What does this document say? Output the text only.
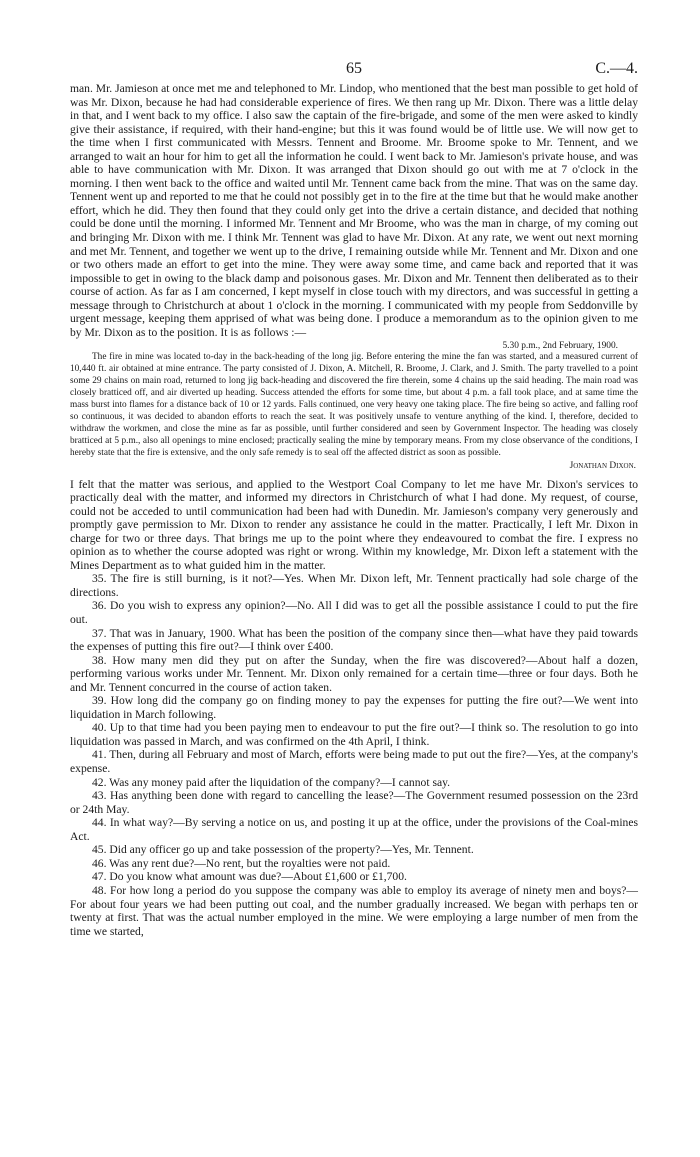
65	C.—4.

man. Mr. Jamieson at once met me and telephoned to Mr. Lindop, who mentioned that the best man possible to get hold of was Mr. Dixon, because he had had considerable experience of fires. We then rang up Mr. Dixon. There was a little delay in that, and I went back to my office. I also saw the captain of the fire-brigade, and some of the men were asked to kindly give their assistance, if required, with their hand-engine; but this it was found would be of little use. We will now get to the time when I first communicated with Messrs. Tennent and Broome. Mr. Broome spoke to Mr. Tennent, and we arranged to wait an hour for him to get all the information he could. I went back to Mr. Jamieson's private house, and was able to have communication with Mr. Dixon. It was arranged that Dixon should go out with me at 7 o'clock in the morning. I then went back to the office and waited until Mr. Tennent came back from the mine. That was on the same day. Tennent went up and reported to me that he could not possibly get in to the fire at the time but that he would make another effort, which he did. They then found that they could only get into the drive a certain distance, and decided that nothing could be done until the morning. I informed Mr. Tennent and Mr Broome, who was the man in charge, of my coming out and bringing Mr. Dixon with me. I think Mr. Tennent was glad to have Mr. Dixon. At any rate, we went out next morning and met Mr. Tennent, and together we went up to the drive, I remaining outside while Mr. Tennent and Mr. Dixon and one or two others made an effort to get into the mine. They were away some time, and came back and reported that it was impossible to get in owing to the black damp and poisonous gases. Mr. Dixon and Mr. Tennent then deliberated as to their course of action. As far as I am concerned, I kept myself in close touch with my directors, and was successful in getting a message through to Christchurch at about 1 o'clock in the morning. I communicated with my people from Seddonville by urgent message, keeping them apprised of what was being done. I produce a memorandum as to the opinion given to me by Mr. Dixon as to the position. It is as follows :—

5.30 p.m., 2nd February, 1900.
The fire in mine was located to-day in the back-heading of the long jig. Before entering the mine the fan was started, and a measured current of 10,440 ft. air obtained at mine entrance. The party consisted of J. Dixon, A. Mitchell, R. Broome, J. Clark, and J. Smith. The party travelled to a point some 29 chains on main road, returned to long jig back-heading and discovered the fire therein, some 4 chains up the said heading. The main road was closely bratticed off, and air diverted up heading. Success attended the efforts for some time, but about 4 p.m. a fall took place, and at same time the mass burst into flames for a distance back of 10 or 12 yards. Falls continued, one very heavy one taking place. The fire being so active, and falling roof so continuous, it was decided to abandon efforts to reach the seat. It was positively unsafe to venture anything of the kind. I, therefore, decided to withdraw the workmen, and close the mine as far as possible, until further considered and seen by Government Inspector. The heading was closely bratticed at 5 p.m., also all openings to mine enclosed; practically sealing the mine by temporary means. From my close observance of the conditions, I hereby state that the fire is extensive, and the only safe remedy is to seal off the affected district as soon as possible.
Jonathan Dixon.

I felt that the matter was serious, and applied to the Westport Coal Company to let me have Mr. Dixon's services to practically deal with the matter, and informed my directors in Christchurch of what I had done. My request, of course, could not be acceded to until communication had been had with Dunedin. Mr. Jamieson's company very generously and promptly gave permission to Mr. Dixon to render any assistance he could in the matter. Practically, I left Mr. Dixon in charge for two or three days. That brings me up to the point where they endeavoured to combat the fire. I express no opinion as to whether the course adopted was right or wrong. Within my knowledge, Mr. Dixon left a statement with the Mines Department as to what guided him in the matter.

35. The fire is still burning, is it not?—Yes. When Mr. Dixon left, Mr. Tennent practically had sole charge of the directions.

36. Do you wish to express any opinion?—No. All I did was to get all the possible assistance I could to put the fire out.

37. That was in January, 1900. What has been the position of the company since then—what have they paid towards the expenses of putting this fire out?—I think over £400.

38. How many men did they put on after the Sunday, when the fire was discovered?—About half a dozen, performing various works under Mr. Tennent. Mr. Dixon only remained for a certain time—three or four days. Both he and Mr. Tennent concurred in the course of action taken.

39. How long did the company go on finding money to pay the expenses for putting the fire out?—We went into liquidation in March following.

40. Up to that time had you been paying men to endeavour to put the fire out?—I think so. The resolution to go into liquidation was passed in March, and was confirmed on the 4th April, I think.

41. Then, during all February and most of March, efforts were being made to put out the fire?—Yes, at the company's expense.

42. Was any money paid after the liquidation of the company?—I cannot say.

43. Has anything been done with regard to cancelling the lease?—The Government resumed possession on the 23rd or 24th May.

44. In what way?—By serving a notice on us, and posting it up at the office, under the provisions of the Coal-mines Act.

45. Did any officer go up and take possession of the property?—Yes, Mr. Tennent.

46. Was any rent due?—No rent, but the royalties were not paid.

47. Do you know what amount was due?—About £1,600 or £1,700.

48. For how long a period do you suppose the company was able to employ its average of ninety men and boys?—For about four years we had been putting out coal, and the number gradually increased. We began with perhaps ten or twenty at first. That was the actual number employed in the mine. We were employing a large number of men from the time we started,
